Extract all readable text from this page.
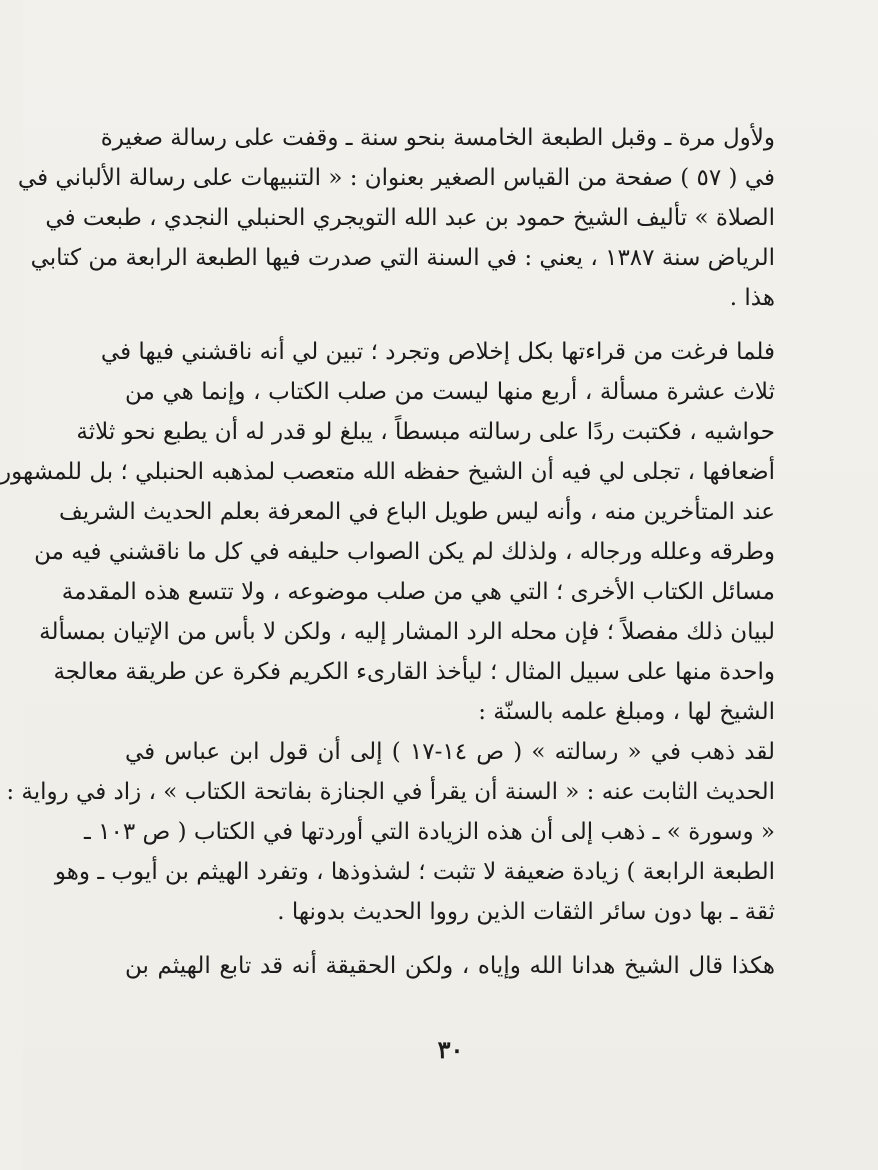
ولأول مرة ـ وقبل الطبعة الخامسة بنحو سنة ـ وقفت على رسالة صغيرة
في ( ٥٧ ) صفحة من القياس الصغير بعنوان : « التنبيهات على رسالة الألباني في
الصلاة » تأليف الشيخ حمود بن عبد الله التويجري الحنبلي النجدي ، طبعت في
الرياض سنة ١٣٨٧ ، يعني : في السنة التي صدرت فيها الطبعة الرابعة من كتابي
هذا .
فلما فرغت من قراءتها بكل إخلاص وتجرد ؛ تبين لي أنه ناقشني فيها في
ثلاث عشرة مسألة ، أربع منها ليست من صلب الكتاب ، وإنما هي من
حواشيه ، فكتبت ردًا على رسالته مبسطاً ، يبلغ لو قدر له أن يطبع نحو ثلاثة
أضعافها ، تجلى لي فيه أن الشيخ حفظه الله متعصب لمذهبه الحنبلي ؛ بل للمشهور
عند المتأخرين منه ، وأنه ليس طويل الباع في المعرفة بعلم الحديث الشريف
وطرقه وعلله ورجاله ، ولذلك لم يكن الصواب حليفه في كل ما ناقشني فيه من
مسائل الكتاب الأخرى ؛ التي هي من صلب موضوعه ، ولا تتسع هذه المقدمة
لبيان ذلك مفصلاً ؛ فإن محله الرد المشار إليه ، ولكن لا بأس من الإتيان بمسألة
واحدة منها على سبيل المثال ؛ ليأخذ القارىء الكريم فكرة عن طريقة معالجة
الشيخ لها ، ومبلغ علمه بالسنّة :
لقد ذهب في « رسالته » ( ص ١٤-١٧ ) إلى أن قول ابن عباس في
الحديث الثابت عنه : « السنة أن يقرأ في الجنازة بفاتحة الكتاب » ، زاد في رواية :
« وسورة » ـ ذهب إلى أن هذه الزيادة التي أوردتها في الكتاب ( ص ١٠٣ ـ
الطبعة الرابعة ) زيادة ضعيفة لا تثبت ؛ لشذوذها ، وتفرد الهيثم بن أيوب ـ وهو
ثقة ـ بها دون سائر الثقات الذين رووا الحديث بدونها .
هكذا قال الشيخ هدانا الله وإياه ، ولكن الحقيقة أنه قد تابع الهيثم بن
٣٠
